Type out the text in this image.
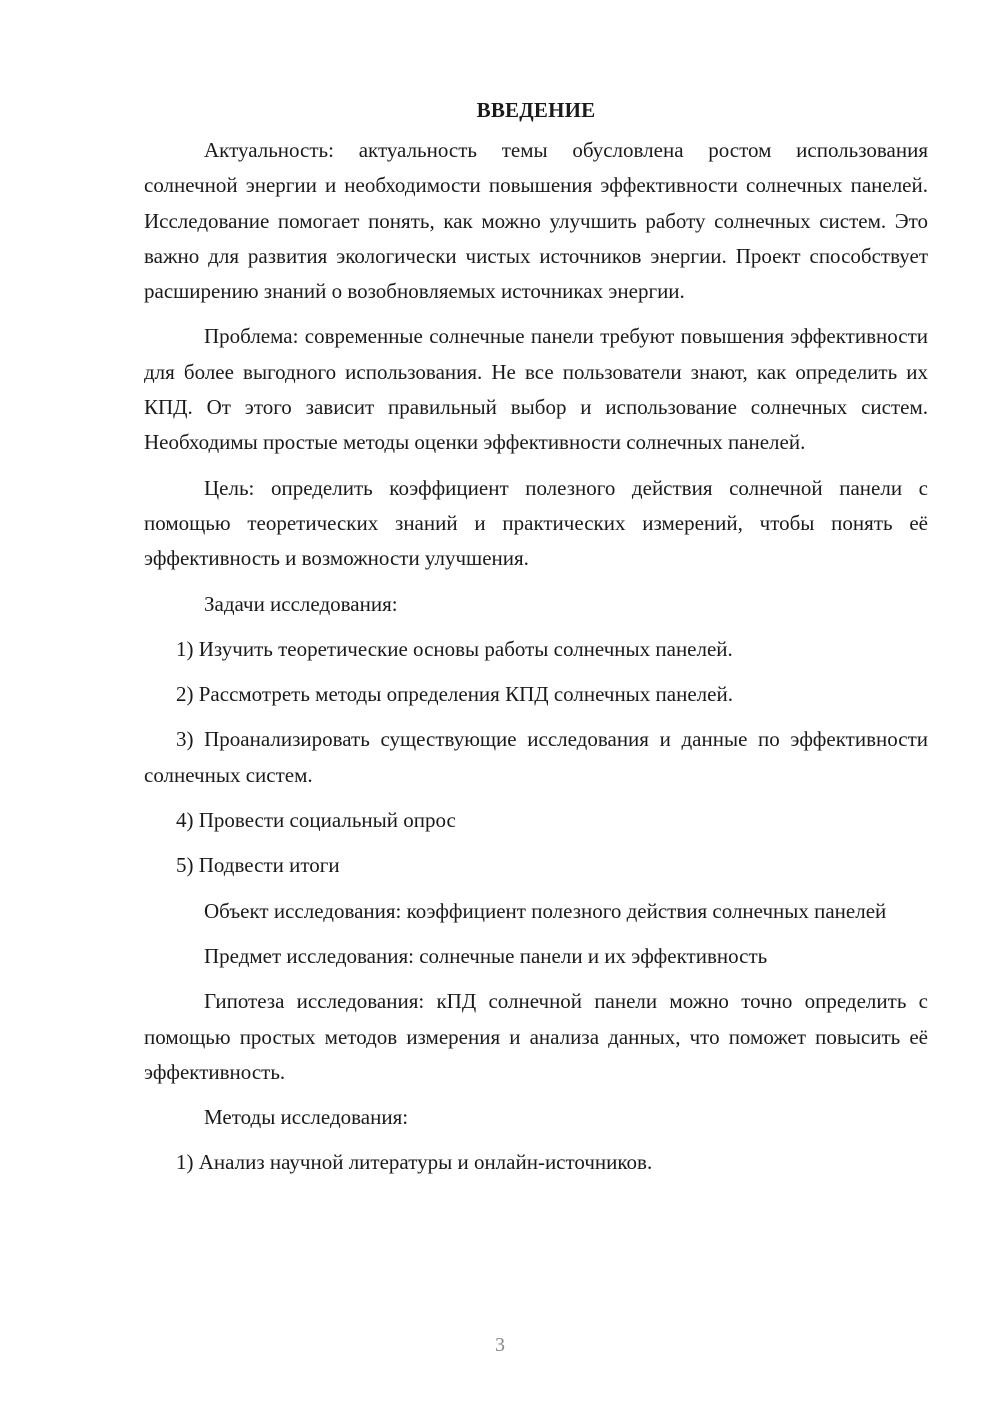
ВВЕДЕНИЕ

Актуальность: актуальность темы обусловлена ростом использования солнечной энергии и необходимости повышения эффективности солнечных панелей. Исследование помогает понять, как можно улучшить работу солнечных систем. Это важно для развития экологически чистых источников энергии. Проект способствует расширению знаний о возобновляемых источниках энергии.

Проблема: современные солнечные панели требуют повышения эффективности для более выгодного использования. Не все пользователи знают, как определить их КПД. От этого зависит правильный выбор и использование солнечных систем. Необходимы простые методы оценки эффективности солнечных панелей.

Цель: определить коэффициент полезного действия солнечной панели с помощью теоретических знаний и практических измерений, чтобы понять её эффективность и возможности улучшения.

Задачи исследования:

1) Изучить теоретические основы работы солнечных панелей.

2) Рассмотреть методы определения КПД солнечных панелей.

3) Проанализировать существующие исследования и данные по эффективности солнечных систем.

4) Провести социальный опрос

5) Подвести итоги

Объект исследования: коэффициент полезного действия солнечных панелей

Предмет исследования: солнечные панели и их эффективность

Гипотеза исследования: кПД солнечной панели можно точно определить с помощью простых методов измерения и анализа данных, что поможет повысить её эффективность.

Методы исследования:

1) Анализ научной литературы и онлайн-источников.

3
